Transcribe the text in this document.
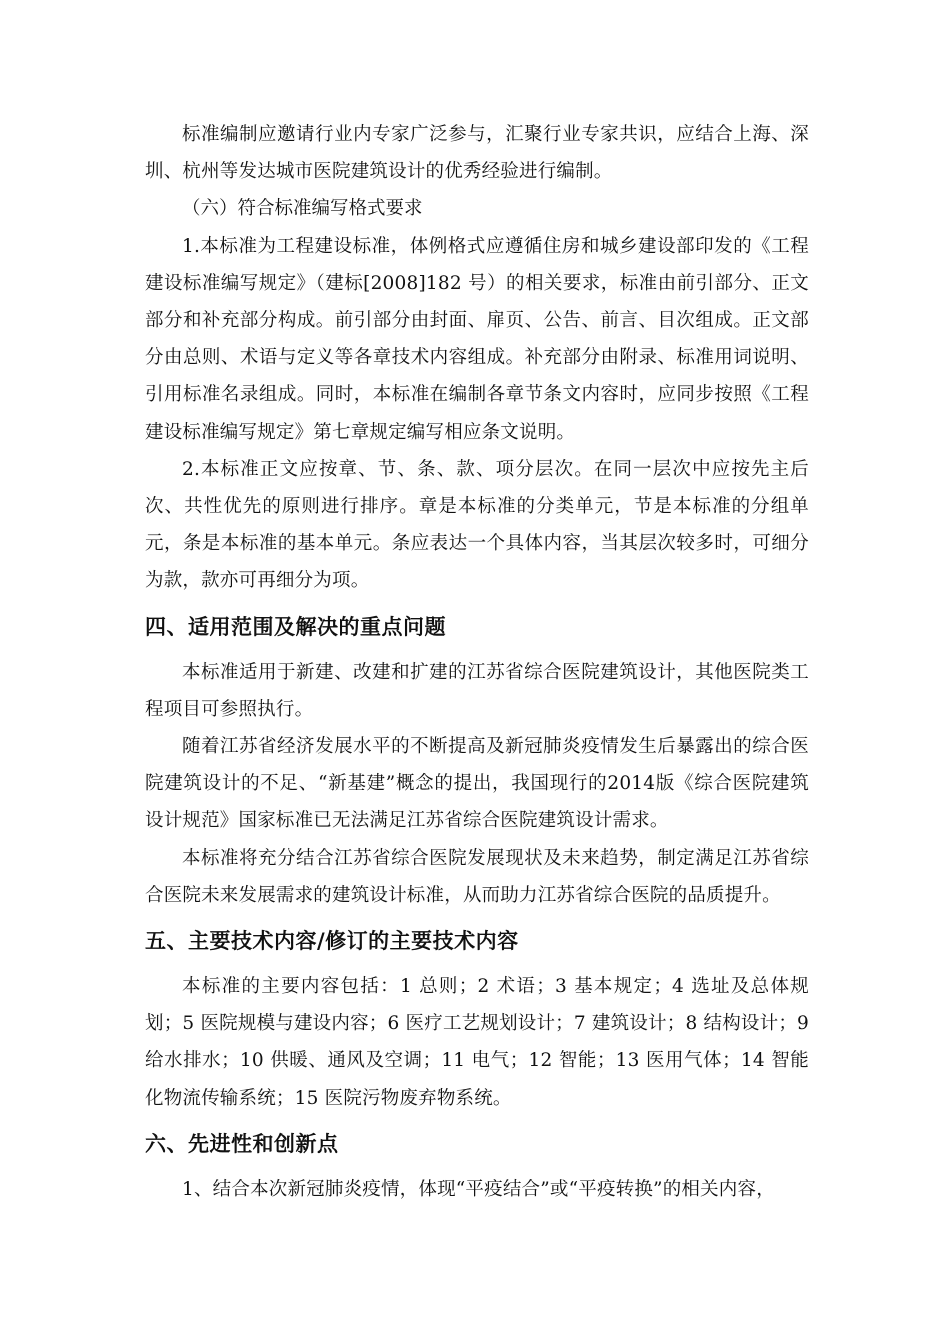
标准编制应邀请行业内专家广泛参与，汇聚行业专家共识，应结合上海、深圳、杭州等发达城市医院建筑设计的优秀经验进行编制。

（六）符合标准编写格式要求

1.本标准为工程建设标准，体例格式应遵循住房和城乡建设部印发的《工程建设标准编写规定》（建标[2008]182 号）的相关要求，标准由前引部分、正文部分和补充部分构成。前引部分由封面、扉页、公告、前言、目次组成。正文部分由总则、术语与定义等各章技术内容组成。补充部分由附录、标准用词说明、引用标准名录组成。同时，本标准在编制各章节条文内容时，应同步按照《工程建设标准编写规定》第七章规定编写相应条文说明。

2.本标准正文应按章、节、条、款、项分层次。在同一层次中应按先主后次、共性优先的原则进行排序。章是本标准的分类单元，节是本标准的分组单元，条是本标准的基本单元。条应表达一个具体内容，当其层次较多时，可细分为款，款亦可再细分为项。

四、适用范围及解决的重点问题

本标准适用于新建、改建和扩建的江苏省综合医院建筑设计，其他医院类工程项目可参照执行。

随着江苏省经济发展水平的不断提高及新冠肺炎疫情发生后暴露出的综合医院建筑设计的不足、“新基建”概念的提出，我国现行的2014版《综合医院建筑设计规范》国家标准已无法满足江苏省综合医院建筑设计需求。

本标准将充分结合江苏省综合医院发展现状及未来趋势，制定满足江苏省综合医院未来发展需求的建筑设计标准，从而助力江苏省综合医院的品质提升。

五、主要技术内容/修订的主要技术内容

本标准的主要内容包括：1 总则；2 术语；3 基本规定；4 选址及总体规划；5 医院规模与建设内容；6 医疗工艺规划设计；7 建筑设计；8 结构设计；9 给水排水；10 供暖、通风及空调；11 电气；12 智能；13 医用气体；14 智能化物流传输系统；15 医院污物废弃物系统。

六、先进性和创新点

1、结合本次新冠肺炎疫情，体现“平疫结合”或“平疫转换”的相关内容，
